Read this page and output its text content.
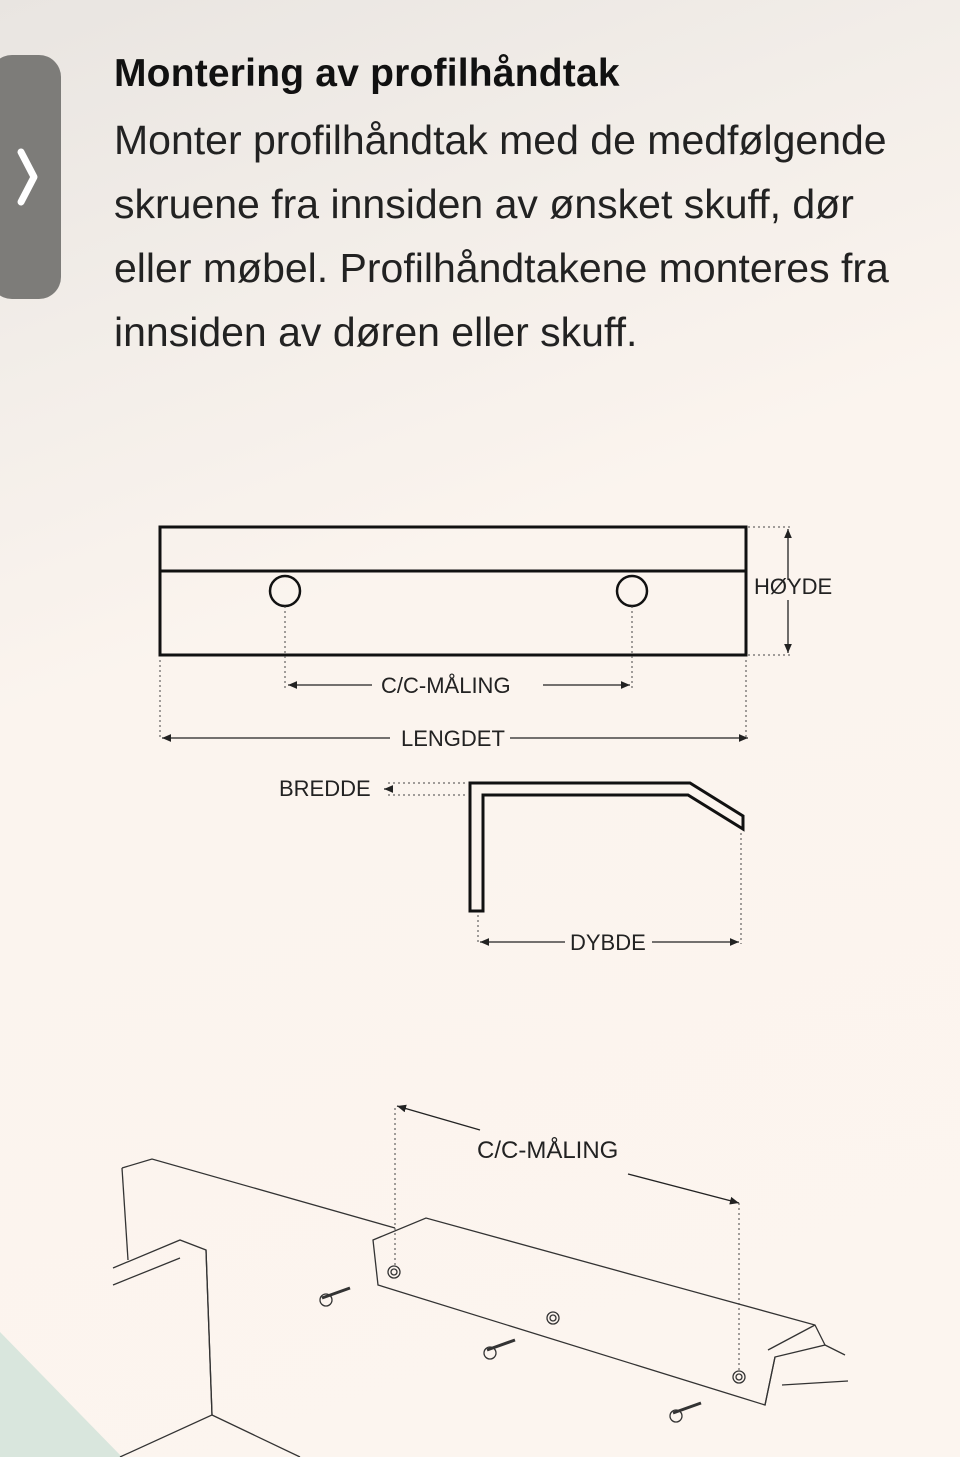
Montering av profilhåndtak
Monter profilhåndtak med de medfølgende skruene fra innsiden av ønsket skuff, dør eller møbel. Profilhåndtakene monteres fra innsiden av døren eller skuff.
C/C-MÅLING
LENGDET
HØYDE
BREDDE
DYBDE
C/C-MÅLING
